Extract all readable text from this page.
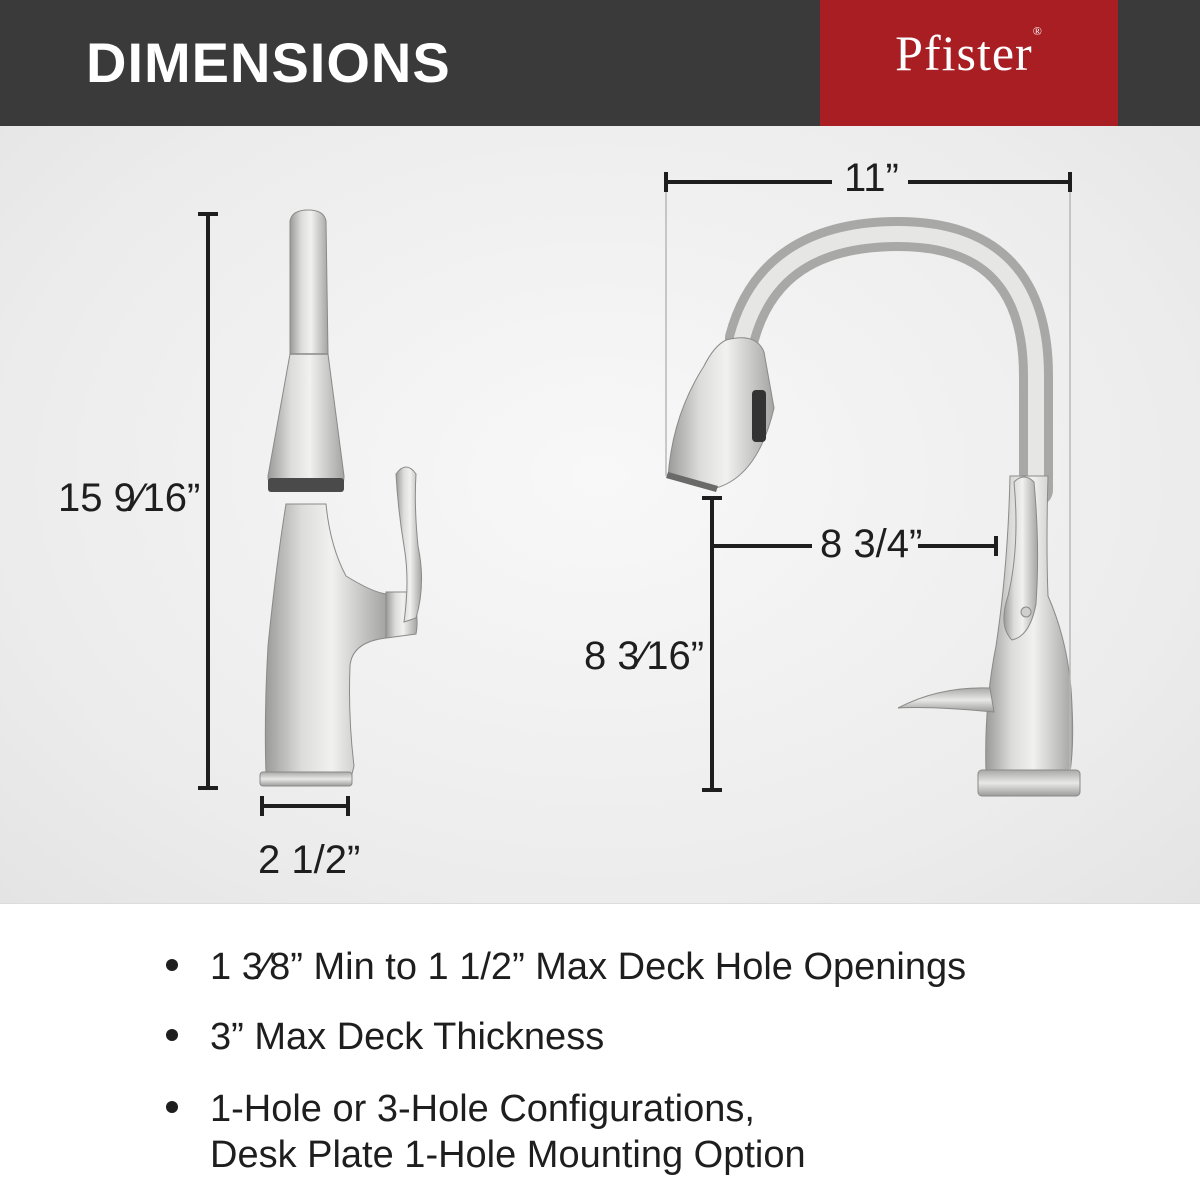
DIMENSIONS	Pfister®
15 9⁄16”
2 1/2”
11”
8 3/4”
8 3⁄16”
1 3⁄8” Min to 1 1/2” Max Deck Hole Openings
3” Max Deck Thickness
1-Hole or 3-Hole Configurations,
Desk Plate 1-Hole Mounting Option
